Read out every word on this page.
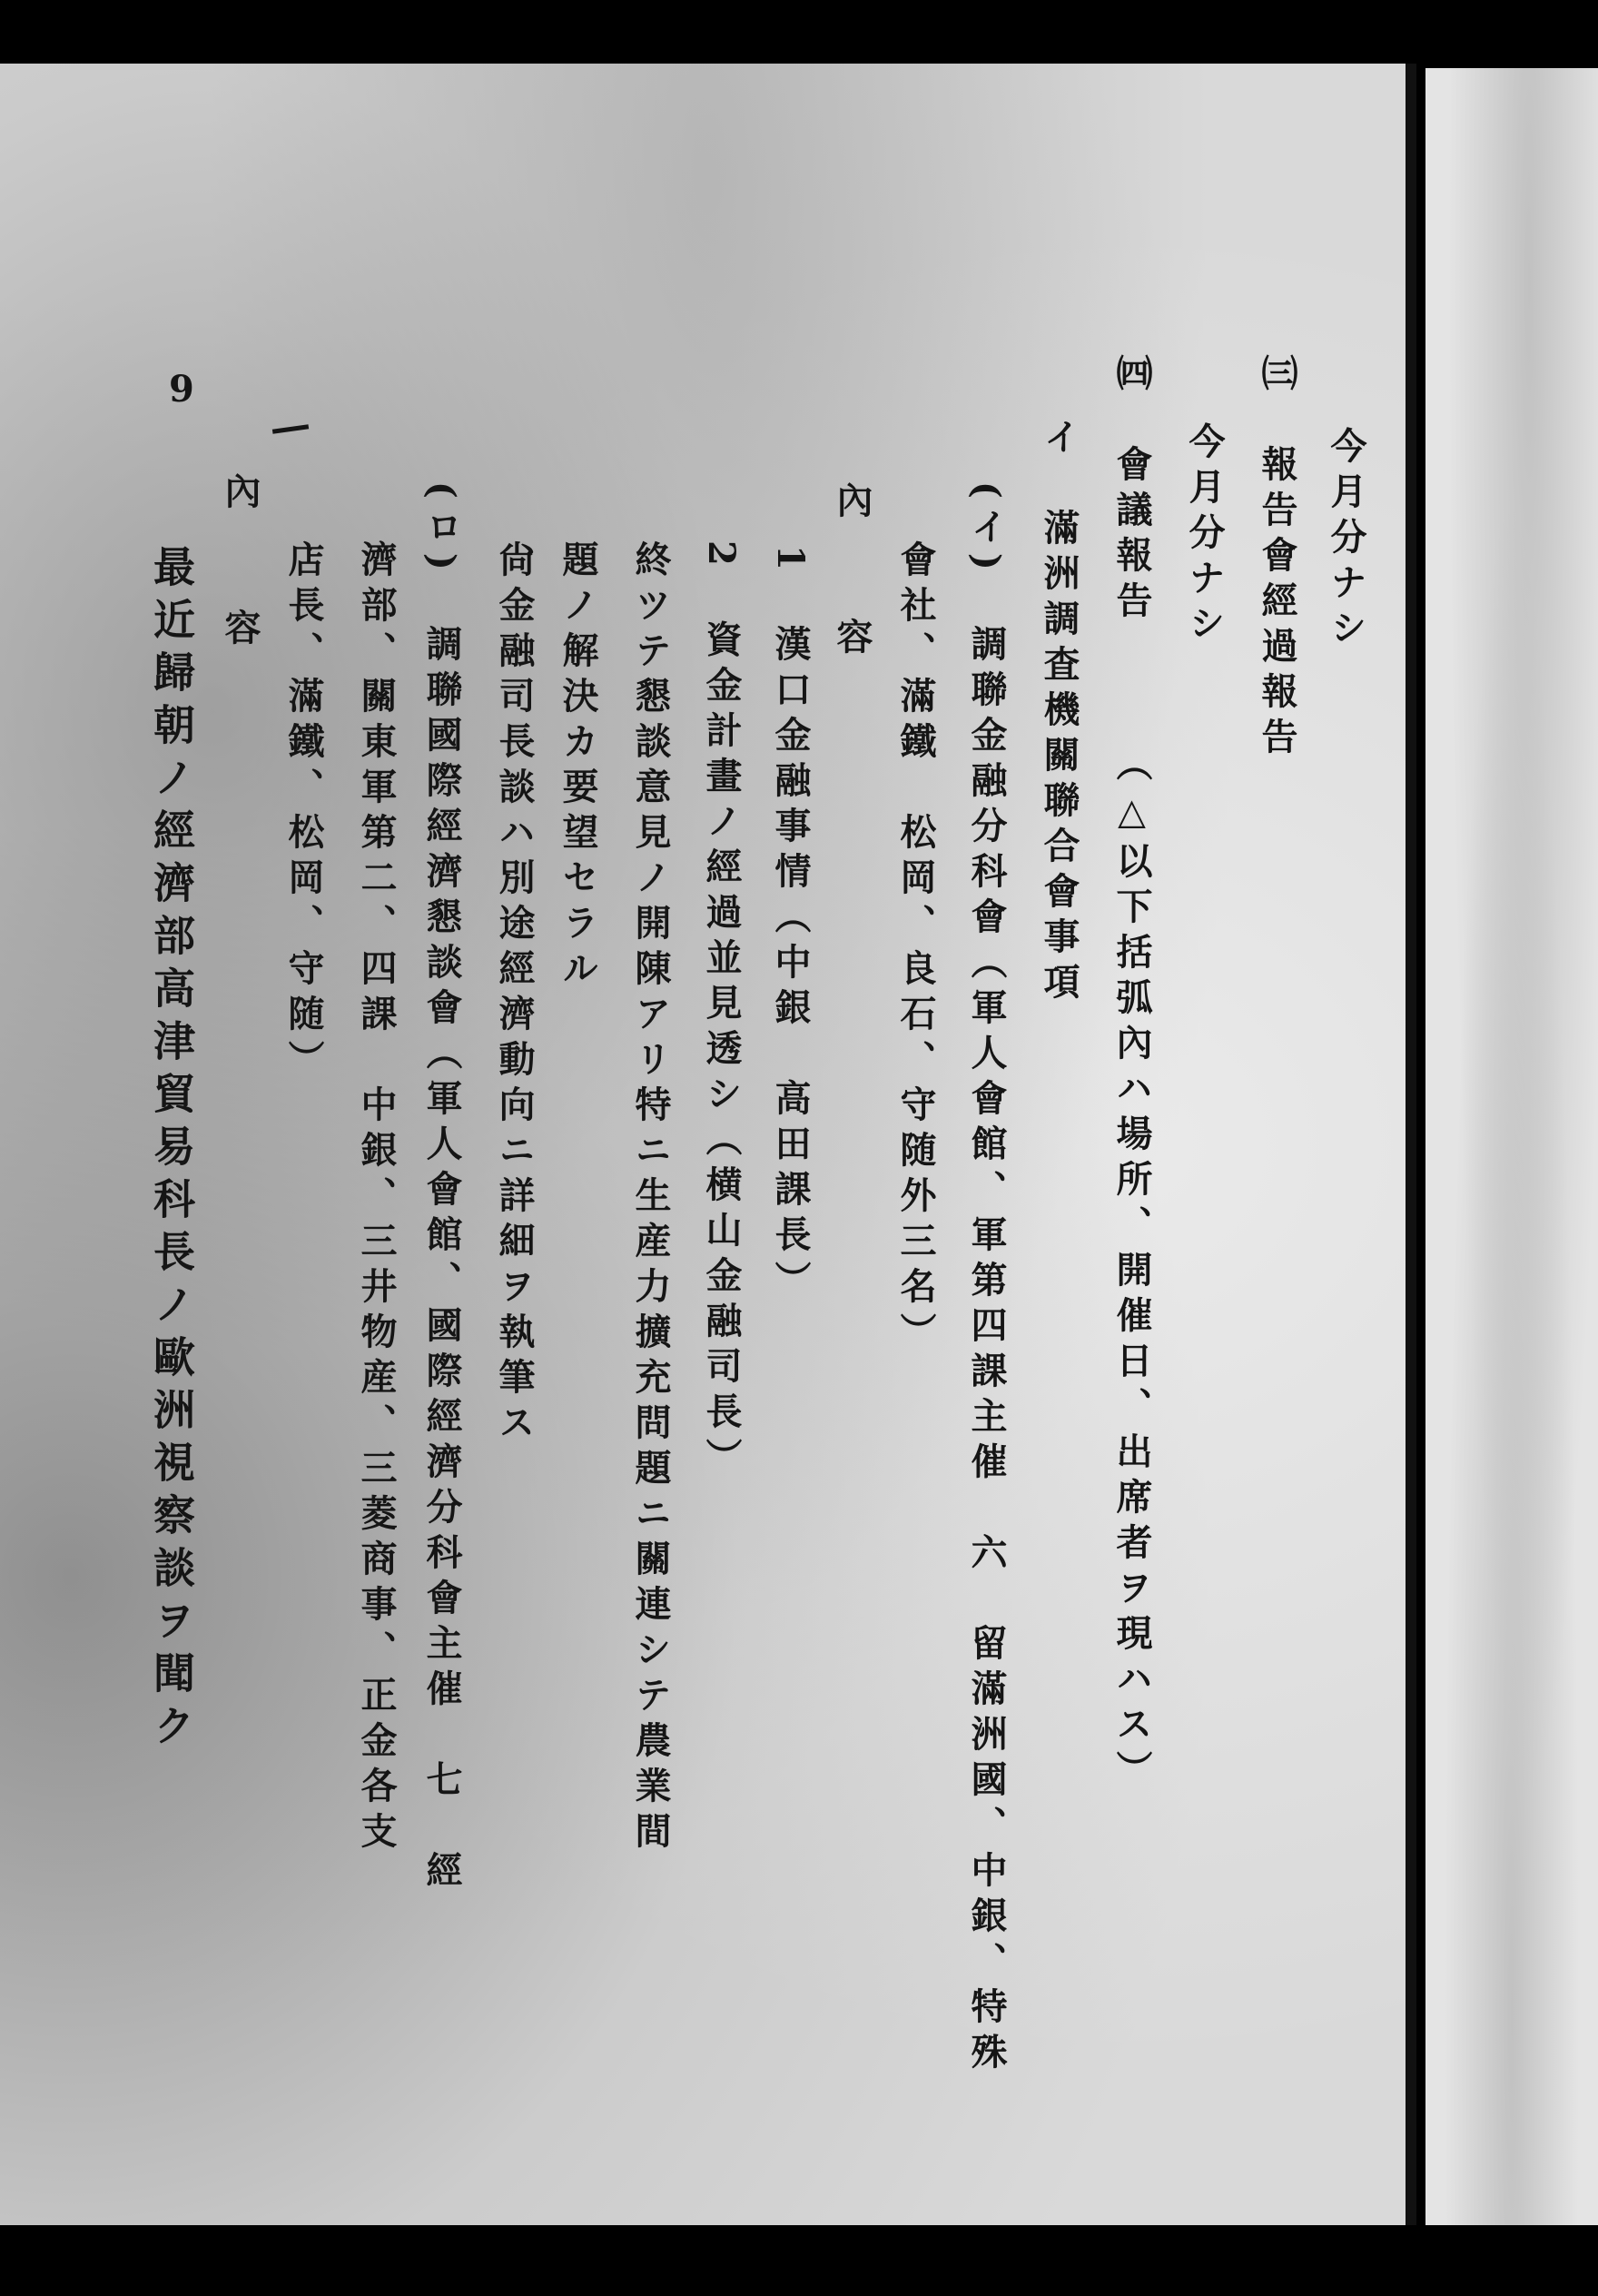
9
今月分ナシ
㈢　報告會經過報告
今月分ナシ
㈣　會議報告　　　（△以下括弧內ハ場所、開催日、出席者ヲ現ハス）
イ　滿洲調査機關聯合會事項
(イ)　調聯金融分科會（軍人會館、軍第四課主催　六　留滿洲國、中銀、特殊
會社、滿鐵　松岡、良石、守随外三名）
內　　容
1　漢口金融事情（中銀　高田課長）
2　資金計畫ノ經過並見透シ（横山金融司長）
終ツテ懇談意見ノ開陳アリ特ニ生産力擴充問題ニ關連シテ農業間
題ノ解決カ要望セラル
尙金融司長談ハ別途經濟動向ニ詳細ヲ執筆ス
(ロ)　調聯國際經濟懇談會（軍人會館、國際經濟分科會主催　七　經
濟部、關東軍第二、四課　中銀、三井物産、三菱商事、正金各支
店長、滿鐵、松岡、守随）
內　　容
最近歸朝ノ經濟部高津貿易科長ノ歐洲視察談ヲ聞ク
